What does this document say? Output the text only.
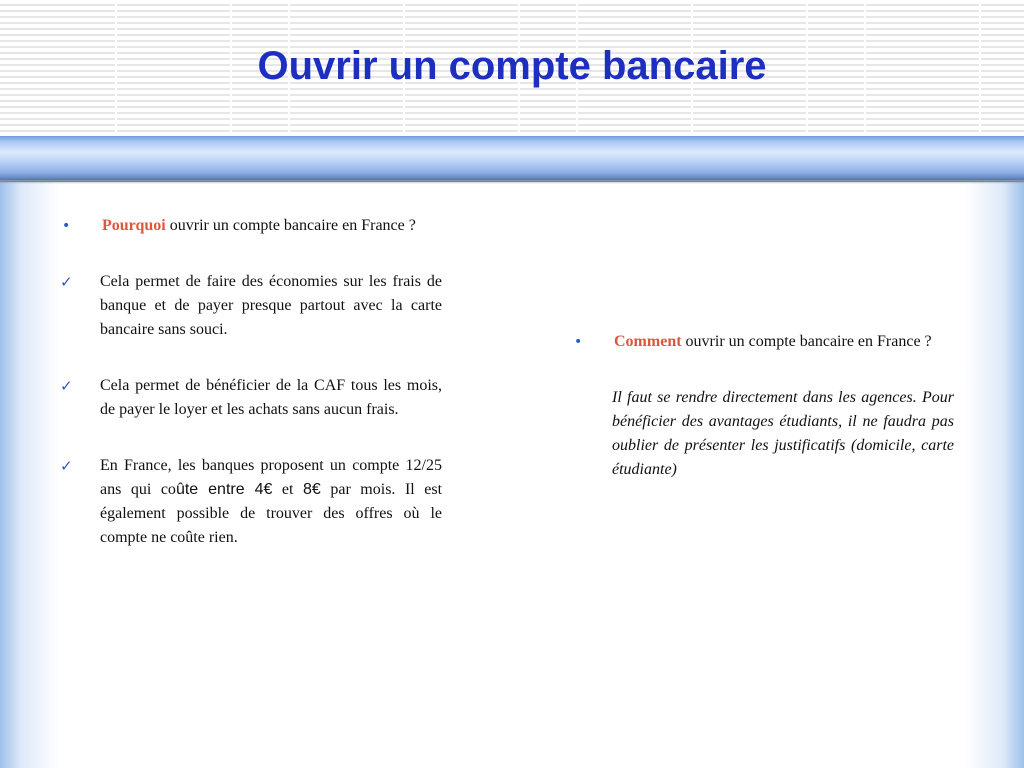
Ouvrir un compte bancaire
•	Pourquoi ouvrir un compte bancaire en France ?
✓	Cela permet de faire des économies sur les frais de banque et de payer presque partout avec la carte bancaire sans souci.
✓	Cela permet de bénéficier de la CAF tous les mois, de payer le loyer et les achats sans aucun frais.
✓	En France, les banques proposent un compte 12/25 ans qui coûte entre 4€ et 8€ par mois. Il est également possible de trouver des offres où le compte ne coûte rien.
•	Comment ouvrir un compte bancaire en France ?
Il faut se rendre directement dans les agences. Pour bénéficier des avantages étudiants, il ne faudra pas oublier de présenter les justificatifs (domicile, carte étudiante)
